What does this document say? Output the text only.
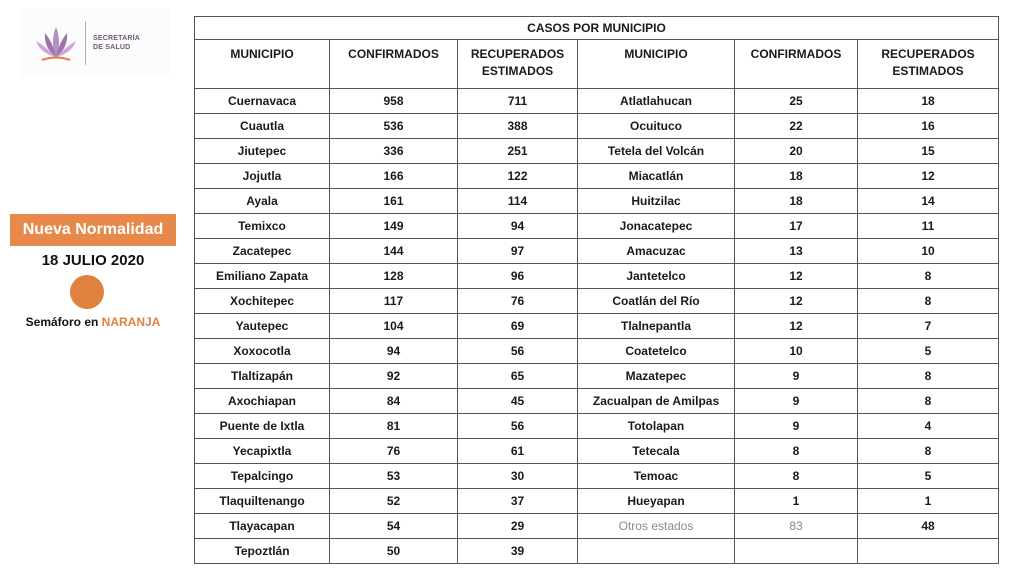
SECRETARÍA
DE SALUD
Nueva Normalidad
18 JULIO 2020
Semáforo en NARANJA
CASOS POR MUNICIPIO					
MUNICIPIO	CONFIRMADOS	RECUPERADOS ESTIMADOS	MUNICIPIO	CONFIRMADOS	RECUPERADOS ESTIMADOS
Cuernavaca	958	711	Atlatlahucan	25	18
Cuautla	536	388	Ocuituco	22	16
Jiutepec	336	251	Tetela del Volcán	20	15
Jojutla	166	122	Miacatlán	18	12
Ayala	161	114	Huitzilac	18	14
Temixco	149	94	Jonacatepec	17	11
Zacatepec	144	97	Amacuzac	13	10
Emiliano Zapata	128	96	Jantetelco	12	8
Xochitepec	117	76	Coatlán del Río	12	8
Yautepec	104	69	Tlalnepantla	12	7
Xoxocotla	94	56	Coatetelco	10	5
Tlaltizapán	92	65	Mazatepec	9	8
Axochiapan	84	45	Zacualpan de Amilpas	9	8
Puente de Ixtla	81	56	Totolapan	9	4
Yecapixtla	76	61	Tetecala	8	8
Tepalcingo	53	30	Temoac	8	5
Tlaquiltenango	52	37	Hueyapan	1	1
Tlayacapan	54	29	Otros estados	83	48
Tepoztlán	50	39			
